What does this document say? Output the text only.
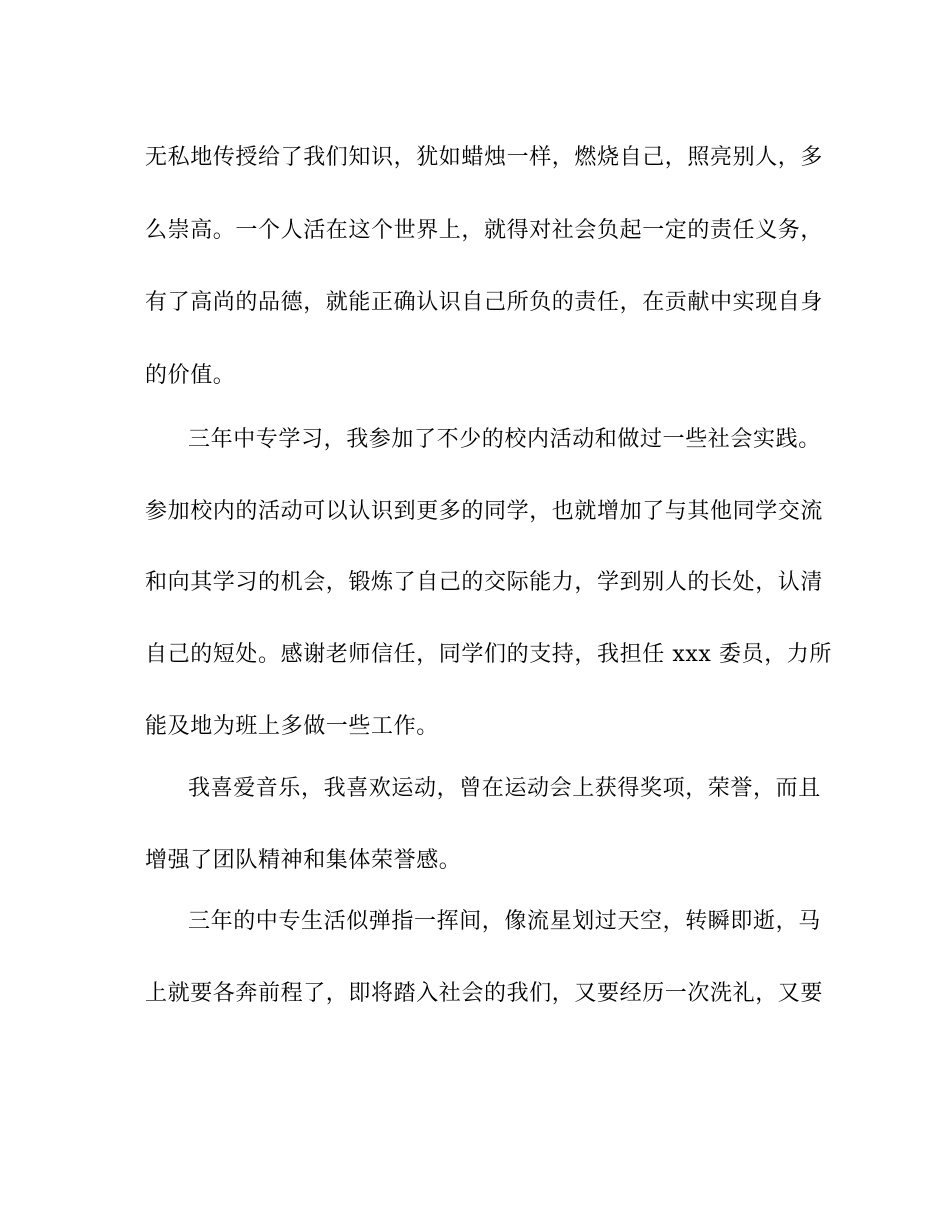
无私地传授给了我们知识，犹如蜡烛一样，燃烧自己，照亮别人，多
么崇高。一个人活在这个世界上，就得对社会负起一定的责任义务，
有了高尚的品德，就能正确认识自己所负的责任，在贡献中实现自身
的价值。
三年中专学习，我参加了不少的校内活动和做过一些社会实践。
参加校内的活动可以认识到更多的同学，也就增加了与其他同学交流
和向其学习的机会，锻炼了自己的交际能力，学到别人的长处，认清
自己的短处。感谢老师信任，同学们的支持，我担任 xxx 委员，力所
能及地为班上多做一些工作。
我喜爱音乐，我喜欢运动，曾在运动会上获得奖项，荣誉，而且
增强了团队精神和集体荣誉感。
三年的中专生活似弹指一挥间，像流星划过天空，转瞬即逝，马
上就要各奔前程了，即将踏入社会的我们，又要经历一次洗礼，又要
